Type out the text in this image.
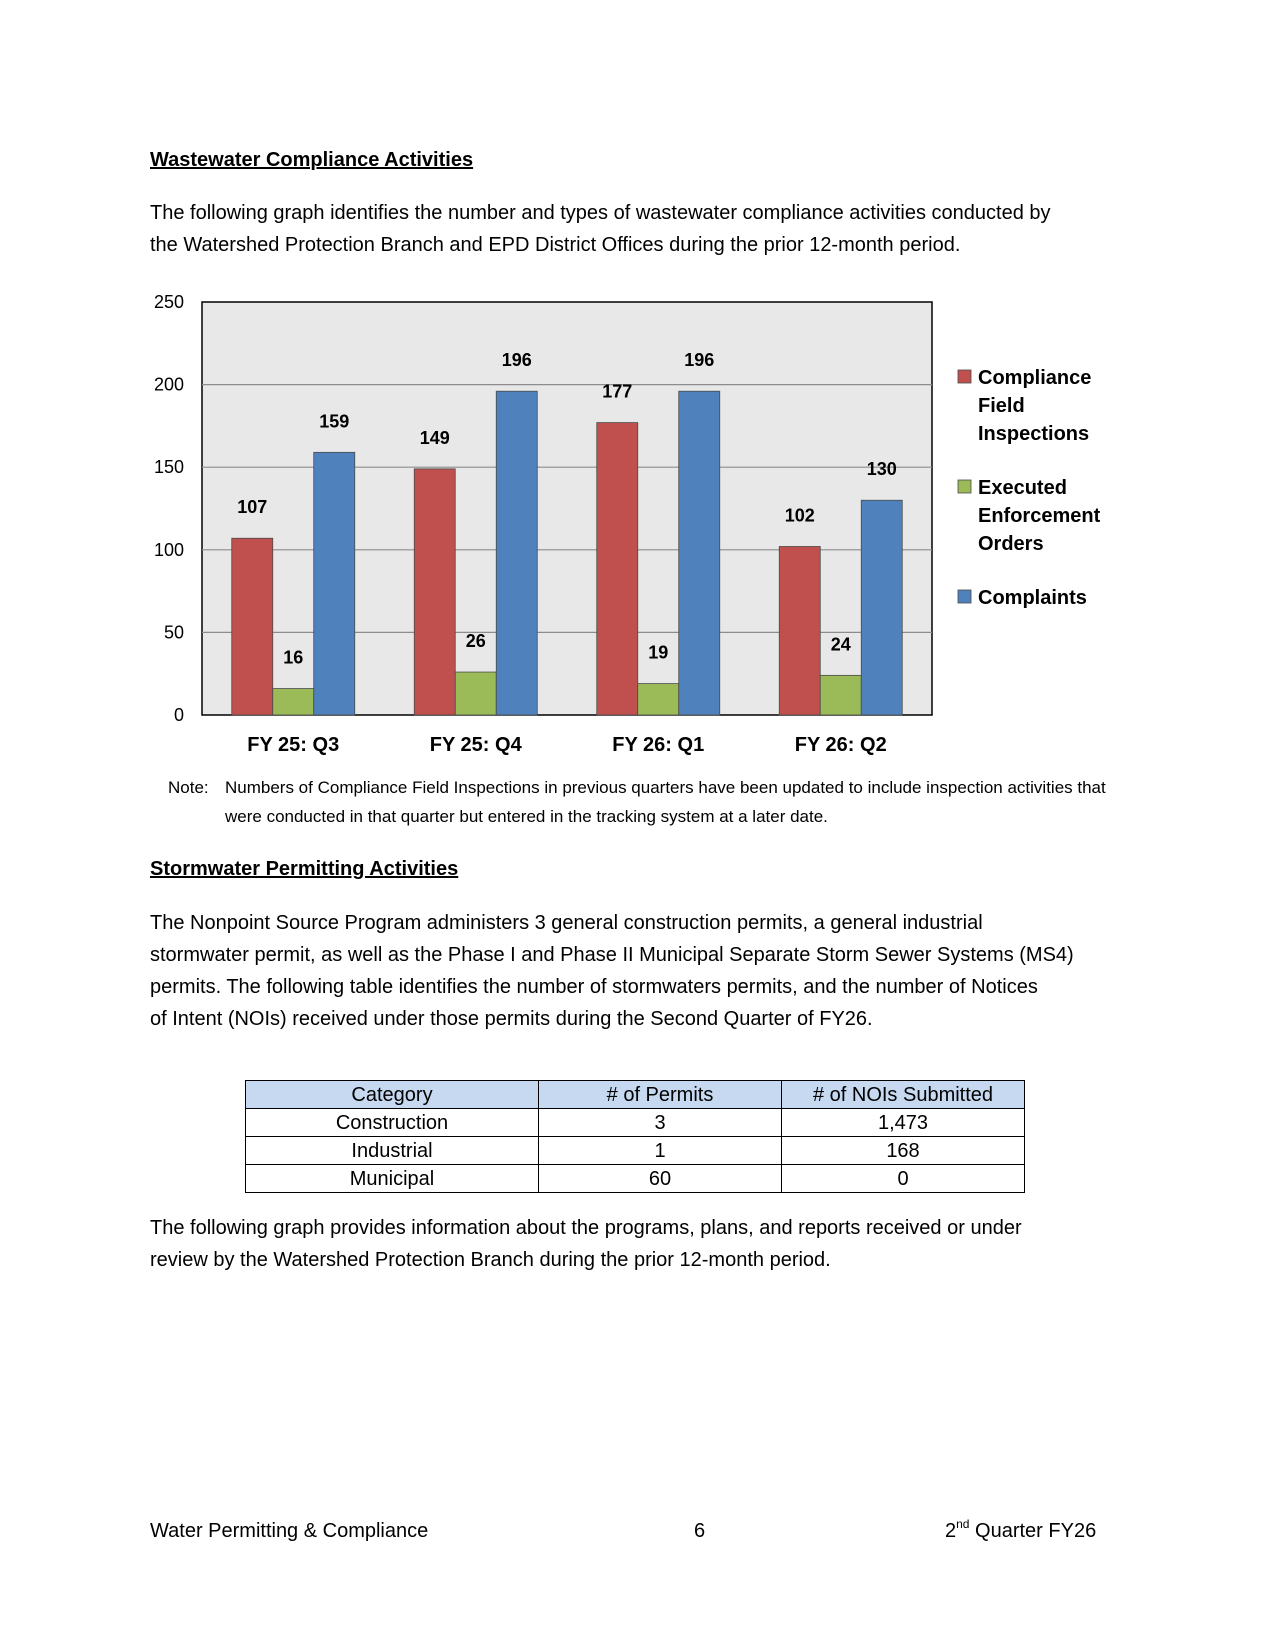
Wastewater Compliance Activities

The following graph identifies the number and types of wastewater compliance activities conducted by
the Watershed Protection Branch and EPD District Offices during the prior 12-month period.

0
50
100
150
200
250
107
16
159
FY 25: Q3
149
26
196
FY 25: Q4
177
19
196
FY 26: Q1
102
24
130
FY 26: Q2
Compliance Field Inspections
Executed Enforcement Orders
Complaints
Note: Numbers of Compliance Field Inspections in previous quarters have been updated to include inspection activities that were conducted in that quarter but entered in the tracking system at a later date.

Stormwater Permitting Activities

The Nonpoint Source Program administers 3 general construction permits, a general industrial
stormwater permit, as well as the Phase I and Phase II Municipal Separate Storm Sewer Systems (MS4)
permits. The following table identifies the number of stormwaters permits, and the number of Notices
of Intent (NOIs) received under those permits during the Second Quarter of FY26.

Category	# of Permits	# of NOIs Submitted
Construction	3	1,473
Industrial	1	168
Municipal	60	0

The following graph provides information about the programs, plans, and reports received or under
review by the Watershed Protection Branch during the prior 12-month period.

Water Permitting & Compliance	6	2nd Quarter FY26
